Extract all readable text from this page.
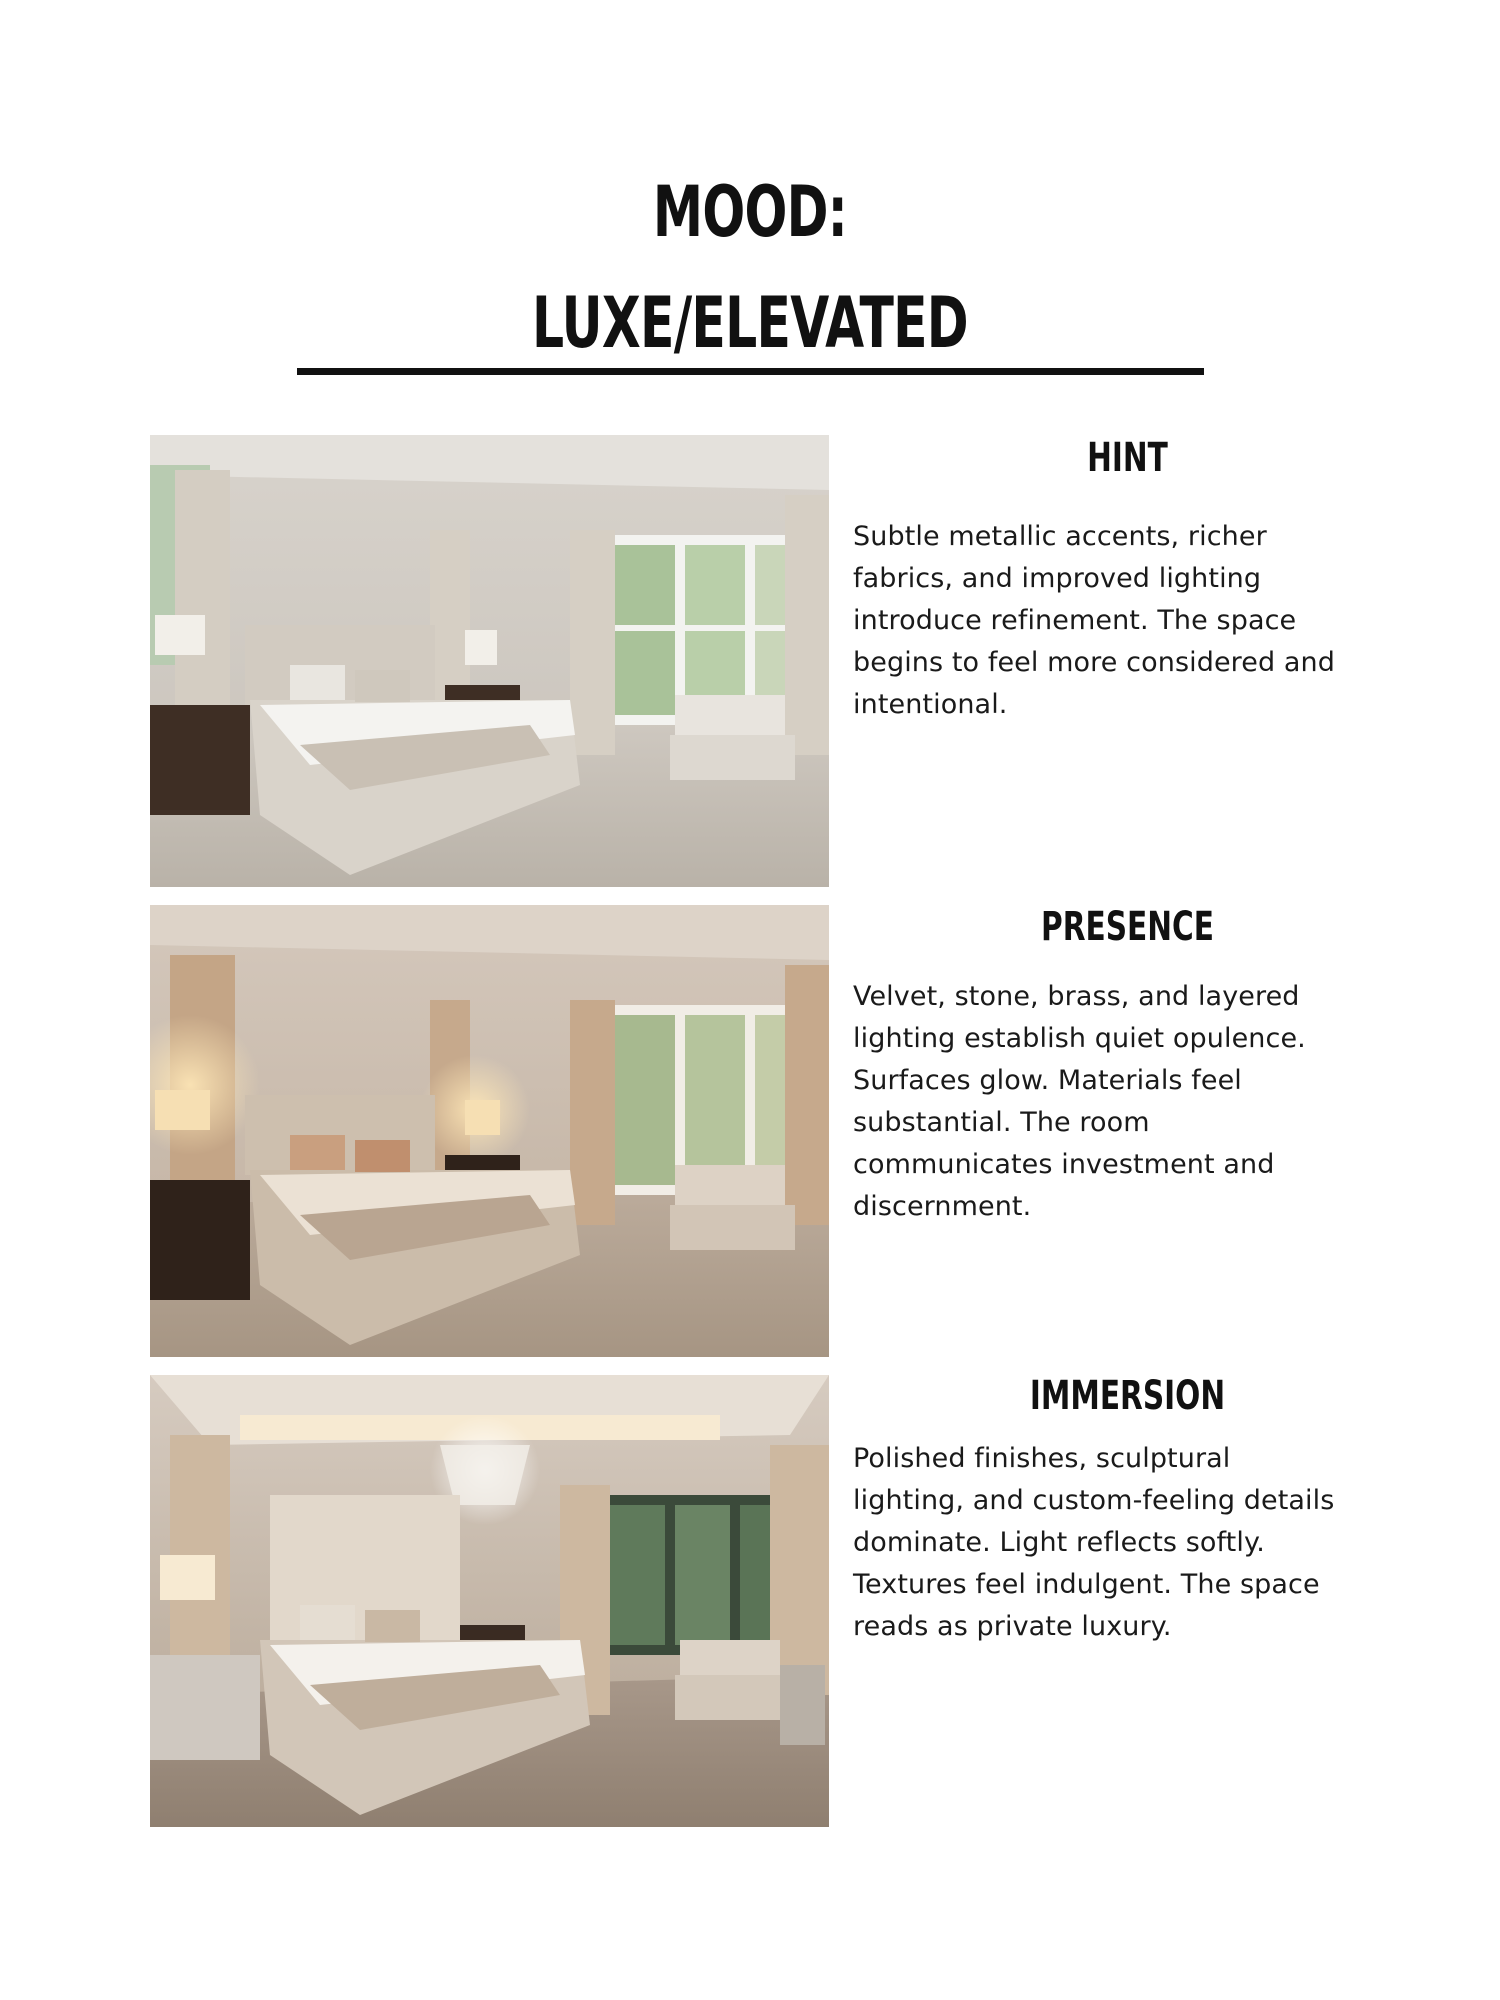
MOOD:
LUXE/ELEVATED
HINT

Subtle metallic accents, richer fabrics, and improved lighting introduce refinement. The space begins to feel more considered and intentional.

PRESENCE

Velvet, stone, brass, and layered lighting establish quiet opulence. Surfaces glow. Materials feel substantial. The room communicates investment and discernment.

IMMERSION

Polished finishes, sculptural lighting, and custom-feeling details dominate. Light reflects softly. Textures feel indulgent. The space reads as private luxury.
